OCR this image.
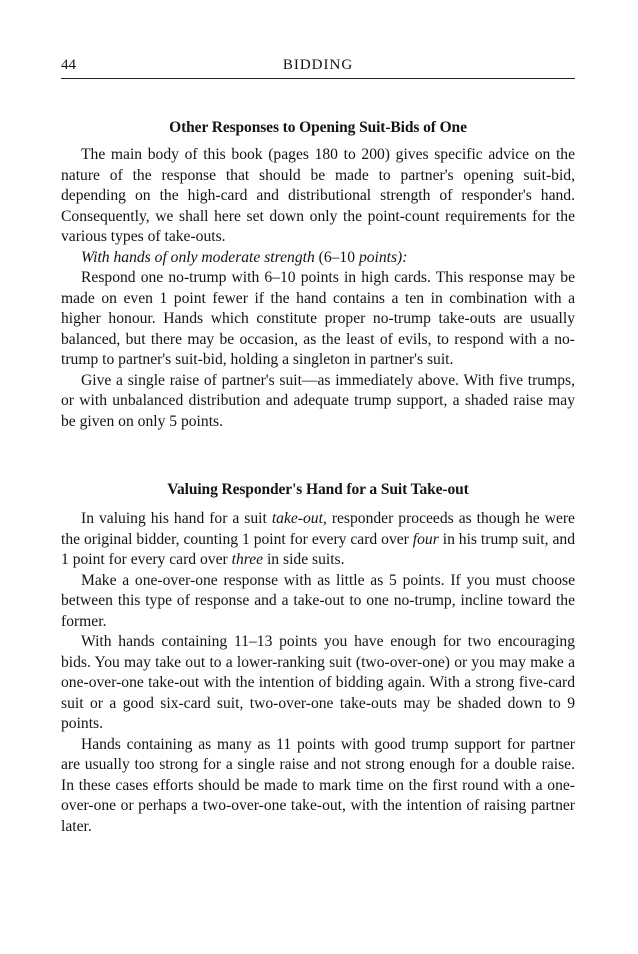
44	BIDDING
Other Responses to Opening Suit-Bids of One

The main body of this book (pages 180 to 200) gives specific advice on the nature of the response that should be made to partner's opening suit-bid, depending on the high-card and distributional strength of responder's hand. Consequently, we shall here set down only the point-count requirements for the various types of take-outs.

With hands of only moderate strength (6–10 points):

Respond one no-trump with 6–10 points in high cards. This response may be made on even 1 point fewer if the hand contains a ten in combination with a higher honour. Hands which constitute proper no-trump take-outs are usually balanced, but there may be occasion, as the least of evils, to respond with a no-trump to partner's suit-bid, holding a singleton in partner's suit.

Give a single raise of partner's suit—as immediately above. With five trumps, or with unbalanced distribution and adequate trump support, a shaded raise may be given on only 5 points.

Valuing Responder's Hand for a Suit Take-out

In valuing his hand for a suit take-out, responder proceeds as though he were the original bidder, counting 1 point for every card over four in his trump suit, and 1 point for every card over three in side suits.

Make a one-over-one response with as little as 5 points. If you must choose between this type of response and a take-out to one no-trump, incline toward the former.

With hands containing 11–13 points you have enough for two encouraging bids. You may take out to a lower-ranking suit (two-over-one) or you may make a one-over-one take-out with the intention of bidding again. With a strong five-card suit or a good six-card suit, two-over-one take-outs may be shaded down to 9 points.

Hands containing as many as 11 points with good trump support for partner are usually too strong for a single raise and not strong enough for a double raise. In these cases efforts should be made to mark time on the first round with a one-over-one or perhaps a two-over-one take-out, with the intention of raising partner later.
